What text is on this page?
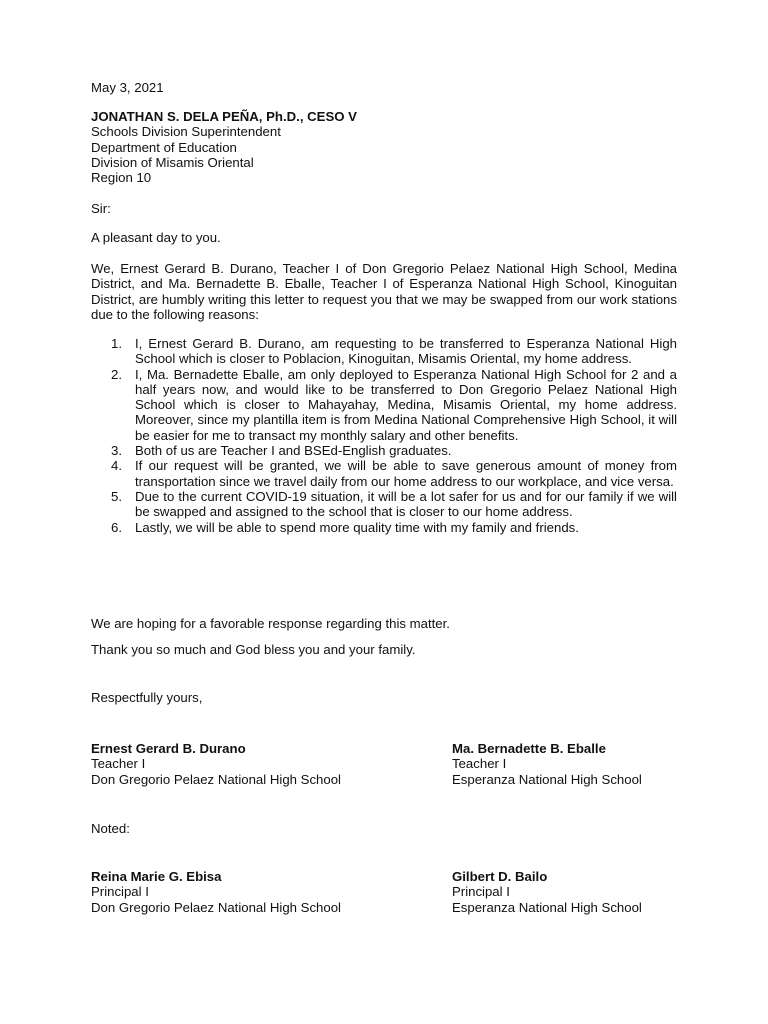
May 3, 2021

JONATHAN S. DELA PEÑA, Ph.D., CESO V

Schools Division Superintendent

Department of Education

Division of Misamis Oriental

Region 10

Sir:

A pleasant day to you.

We, Ernest Gerard B. Durano, Teacher I of Don Gregorio Pelaez National High School, Medina District, and Ma. Bernadette B. Eballe, Teacher I of Esperanza National High School, Kinoguitan District, are humbly writing this letter to request you that we may be swapped from our work stations due to the following reasons:

1. I, Ernest Gerard B. Durano, am requesting to be transferred to Esperanza National High School which is closer to Poblacion, Kinoguitan, Misamis Oriental, my home address.
2. I, Ma. Bernadette Eballe, am only deployed to Esperanza National High School for 2 and a half years now, and would like to be transferred to Don Gregorio Pelaez National High School which is closer to Mahayahay, Medina, Misamis Oriental, my home address. Moreover, since my plantilla item is from Medina National Comprehensive High School, it will be easier for me to transact my monthly salary and other benefits.
3. Both of us are Teacher I and BSEd-English graduates.
4. If our request will be granted, we will be able to save generous amount of money from transportation since we travel daily from our home address to our workplace, and vice versa.
5. Due to the current COVID-19 situation, it will be a lot safer for us and for our family if we will be swapped and assigned to the school that is closer to our home address.
6. Lastly, we will be able to spend more quality time with my family and friends.

We are hoping for a favorable response regarding this matter.

Thank you so much and God bless you and your family.

Respectfully yours,

Ernest Gerard B. Durano

Teacher I

Don Gregorio Pelaez National High School

Ma. Bernadette B. Eballe

Teacher I

Esperanza National High School

Noted:

Reina Marie G. Ebisa

Principal I

Don Gregorio Pelaez National High School

Gilbert D. Bailo

Principal I

Esperanza National High School
